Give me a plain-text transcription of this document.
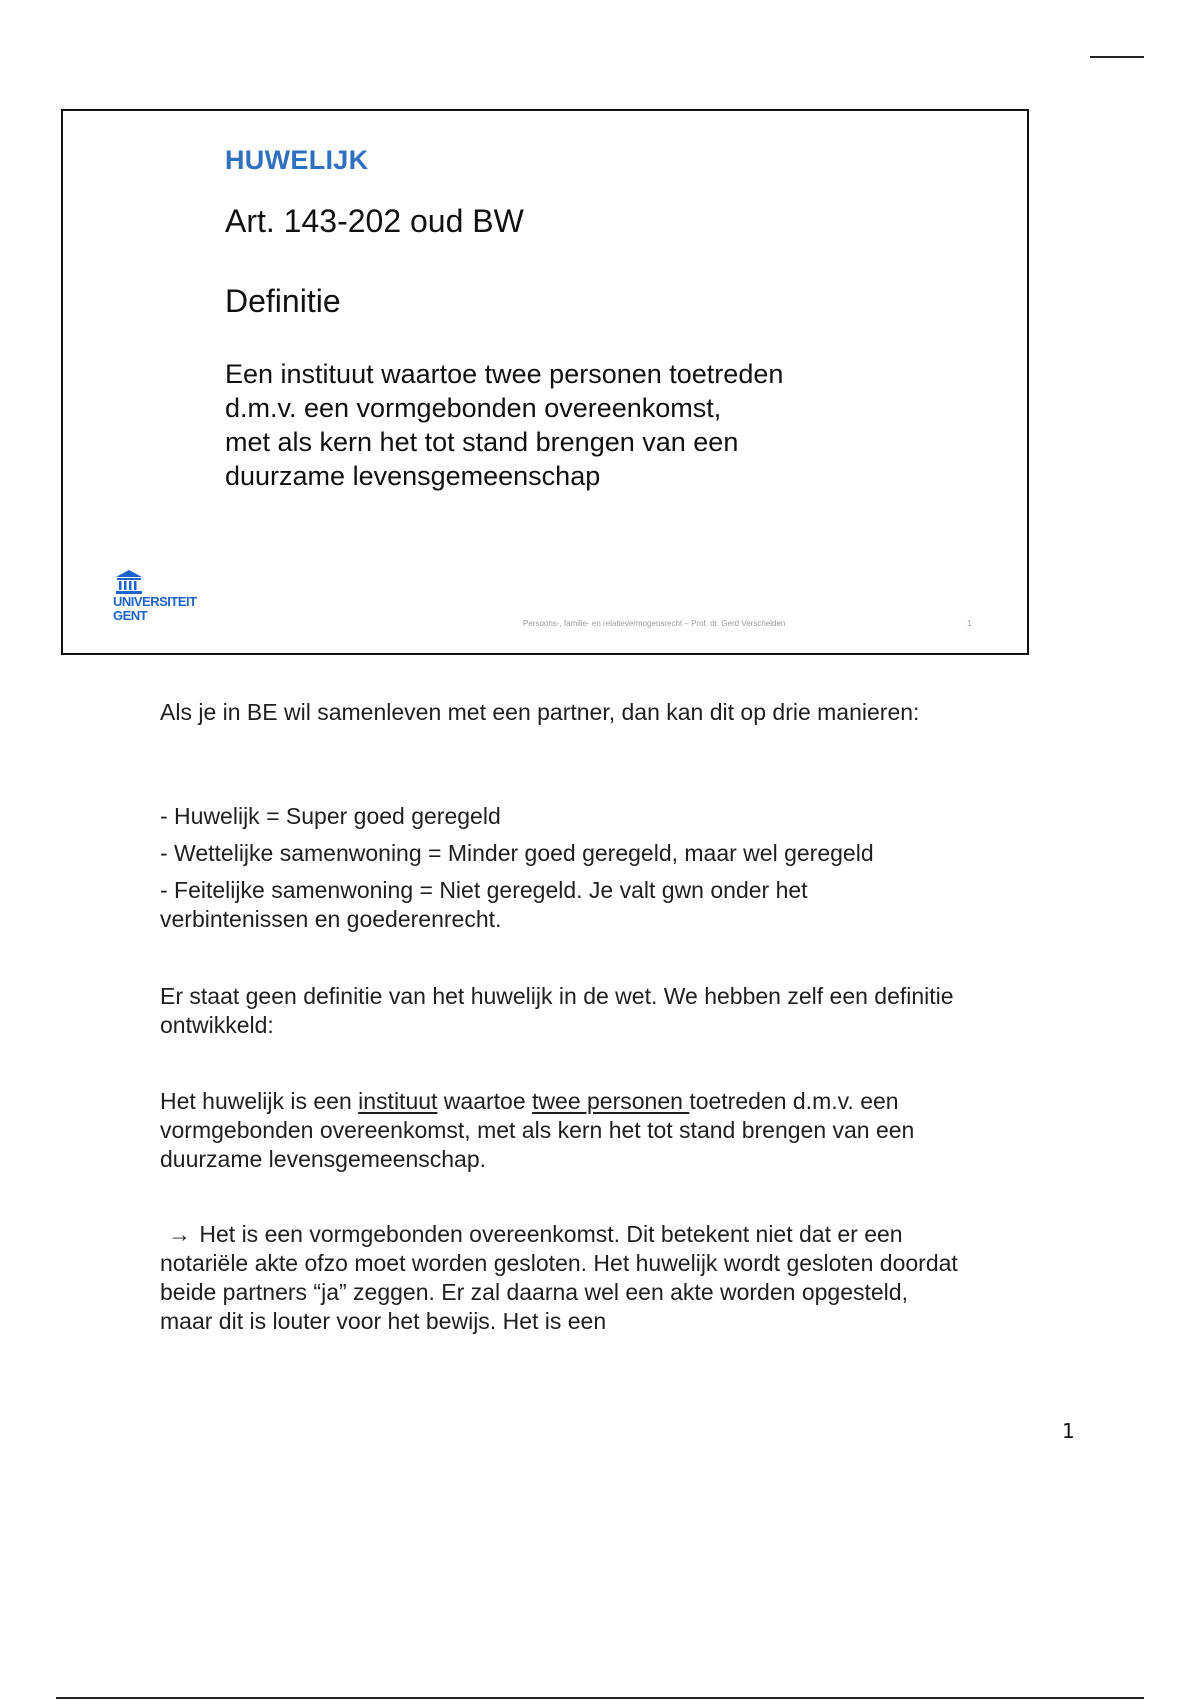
HUWELIJK
Art. 143-202 oud BW
Definitie

Een instituut waartoe twee personen toetreden
d.m.v. een vormgebonden overeenkomst,
met als kern het tot stand brengen van een
duurzame levensgemeenschap

UNIVERSITEIT
GENT
Persoons-, familie- en relatievermogensrecht – Prof. dr. Gerd Verschelden	1

Als je in BE wil samenleven met een partner, dan kan dit op drie manieren:

- Huwelijk = Super goed geregeld

- Wettelijke samenwoning = Minder goed geregeld, maar wel geregeld

- Feitelijke samenwoning = Niet geregeld. Je valt gwn onder het verbintenissen en goederenrecht.

Er staat geen definitie van het huwelijk in de wet. We hebben zelf een definitie ontwikkeld:

Het huwelijk is een instituut waartoe twee personen toetreden d.m.v. een vormgebonden overeenkomst, met als kern het tot stand brengen van een duurzame levensgemeenschap.

→ Het is een vormgebonden overeenkomst. Dit betekent niet dat er een notariële akte ofzo moet worden gesloten. Het huwelijk wordt gesloten doordat beide partners “ja” zeggen. Er zal daarna wel een akte worden opgesteld, maar dit is louter voor het bewijs. Het is een

1
